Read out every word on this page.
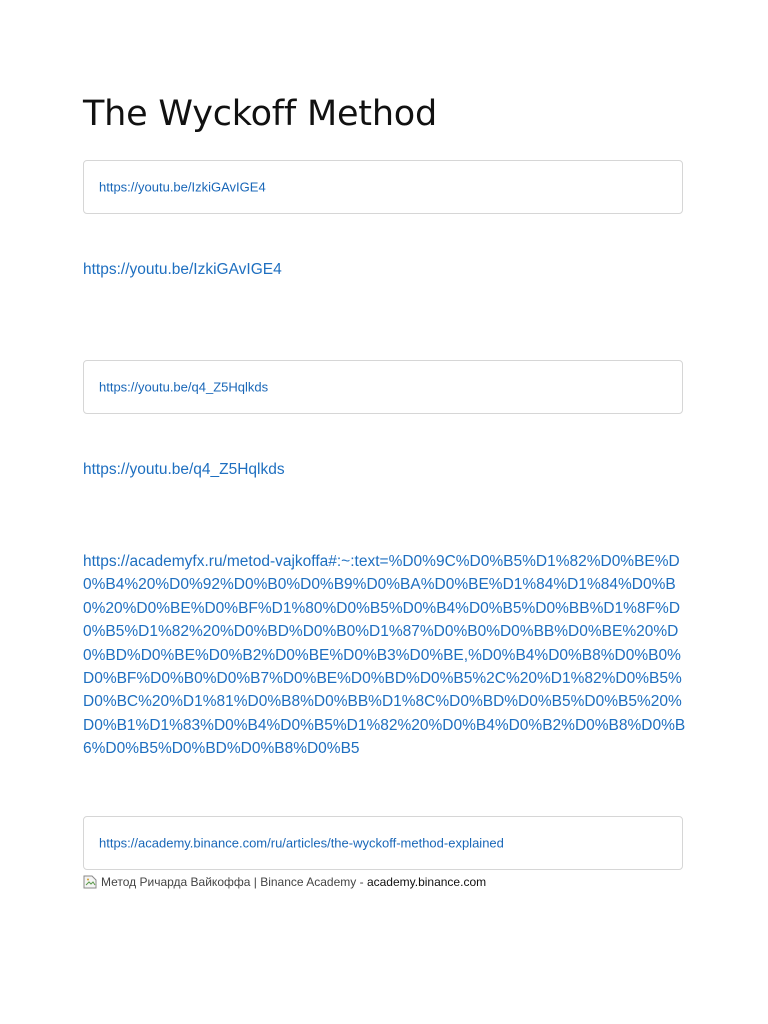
The Wyckoff Method
https://youtu.be/IzkiGAvIGE4
https://youtu.be/IzkiGAvIGE4
https://youtu.be/q4_Z5Hqlkds
https://youtu.be/q4_Z5Hqlkds
https://academyfx.ru/metod-vajkoffa#:~:text=%D0%9C%D0%B5%D1%82%D0%BE%D0%B4%20%D0%92%D0%B0%D0%B9%D0%BA%D0%BE%D1%84%D1%84%D0%B0%20%D0%BE%D0%BF%D1%80%D0%B5%D0%B4%D0%B5%D0%BB%D1%8F%D0%B5%D1%82%20%D0%BD%D0%B0%D1%87%D0%B0%D0%BB%D0%BE%20%D0%BD%D0%BE%D0%B2%D0%BE%D0%B3%D0%BE,%D0%B4%D0%B8%D0%B0%D0%BF%D0%B0%D0%B7%D0%BE%D0%BD%D0%B5%2C%20%D1%82%D0%B5%D0%BC%20%D1%81%D0%B8%D0%BB%D1%8C%D0%BD%D0%B5%D0%B5%20%D0%B1%D1%83%D0%B4%D0%B5%D1%82%20%D0%B4%D0%B2%D0%B8%D0%B6%D0%B5%D0%BD%D0%B8%D0%B5
https://academy.binance.com/ru/articles/the-wyckoff-method-explained
Метод Ричарда Вайкоффа | Binance Academy - academy.binance.com
